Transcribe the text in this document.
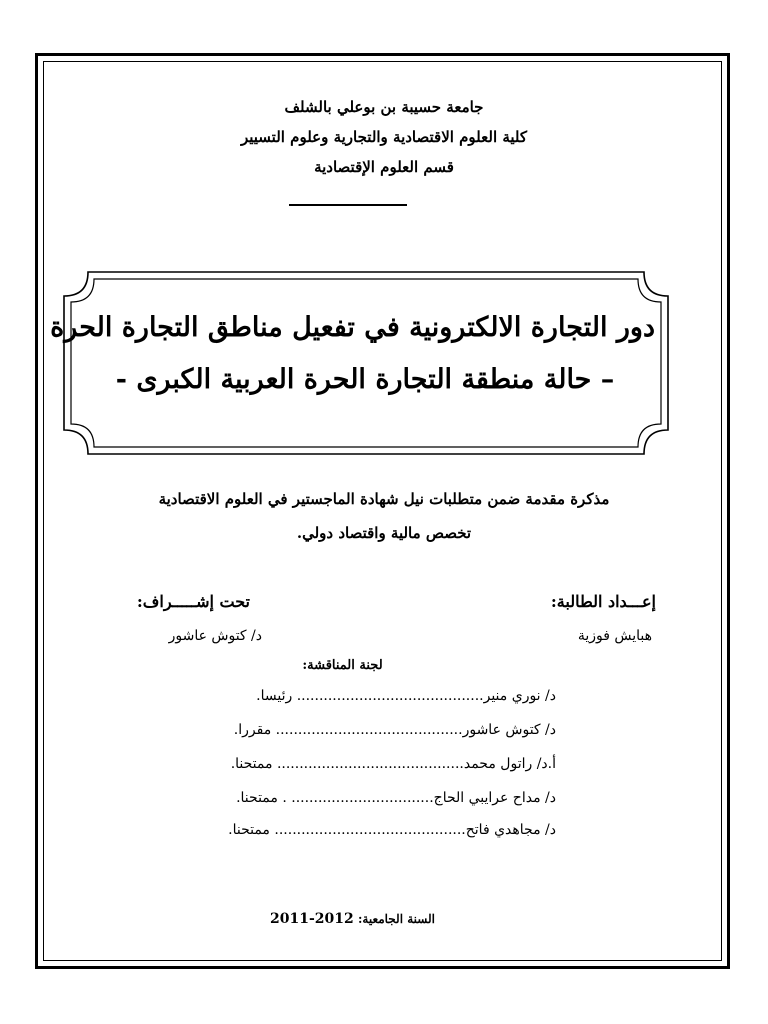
جامعة حسيبة بن بوعلي بالشلف
كلية العلوم الاقتصادية والتجارية وعلوم التسيير
قسم العلوم الإقتصادية
دور التجارة الالكترونية في تفعيل مناطق التجارة الحرة
– حالة منطقة التجارة الحرة العربية الكبرى -
مذكرة مقدمة ضمن متطلبات نيل شهادة الماجستير في العلوم الاقتصادية
تخصص مالية واقتصاد دولي.
إعـــداد الطالبة:
تحت إشـــــراف:
هبايش فوزية
د/ كتوش عاشور
لجنة المناقشة:
د/ نوري منير.......................................... رئيسا.
د/ كتوش عاشور.......................................... مقررا.
أ.د/ راتول محمد.......................................... ممتحنا.
د/ مداح عرايبي الحاج................................ . ممتحنا.
د/ مجاهدي فاتح........................................... ممتحنا.
السنة الجامعية: 2011-2012
